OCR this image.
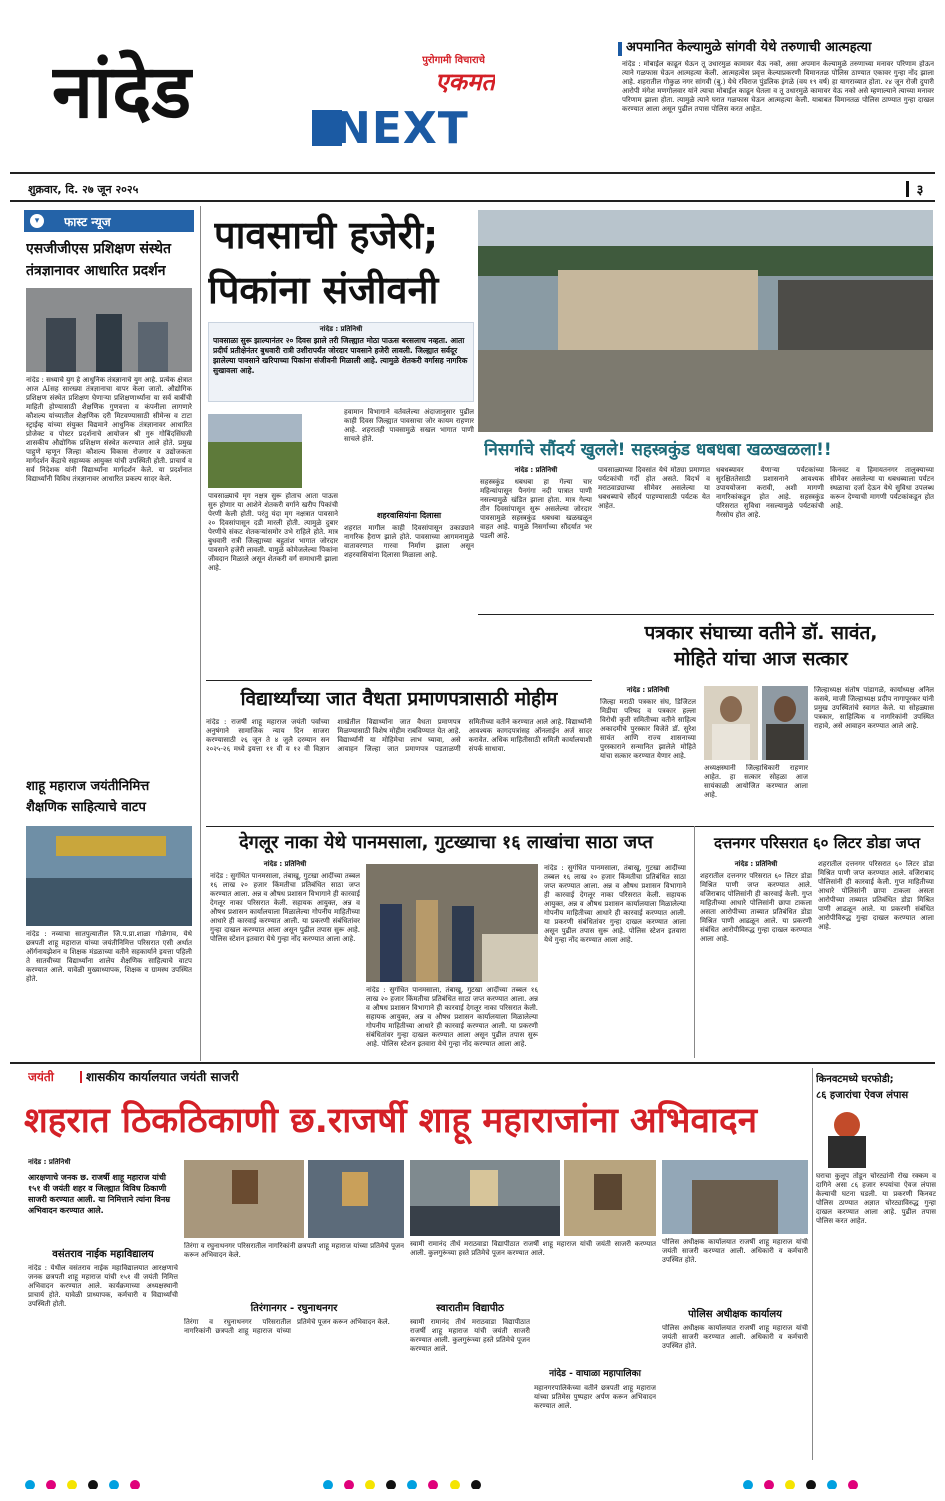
नांदेड	पुरोगामी विचाराचे
एकमत
NEXT
अपमानित केल्यामुळे सांगवी येथे तरुणाची आत्महत्या
नांदेड : मोबाईल काढून घेऊन तू उधारमुळ कामावर येऊ नको, असा अपमान केल्यामुळे तरुणाच्या मनावर परिणाम होऊन त्याने गळफास घेऊन आत्महत्या केली. आत्महत्येस प्रवृत्त केल्याप्रकरणी विमानतळ पोलिस ठाण्यात एकावर गुन्हा नोंद झाला आहे. शहरातील गोकुळ नगर सांगवी (बु.) येथे रविराज पुंडलिक इंगळे (वय १९ वर्ष) हा यागराव्यात होता. २४ जून रोजी दुपारी आरोपी मंगेश मणगोलवार यांने त्याचा मोबाईल काढून घेतला व तू उधारमुळे कामावर येऊ नको असे म्हणाल्याने त्याच्या मनावर परिणाम झाला होता. त्यामुळे त्याने घरात गळफास घेऊन आत्महत्या केली. याबाबत विमानतळ पोलिस ठाण्यात गुन्हा दाखल करण्यात आला असून पुढील तपास पोलिस करत आहेत.
शुक्रवार, दि. २७ जून २०२५	३
▾	फास्ट न्यूज
एसजीजीएस प्रशिक्षण संस्थेत तंत्रज्ञानावर आधारित प्रदर्शन
नांदेड : सध्याचे युग हे आधुनिक तंत्रज्ञानाचे युग आहे. प्रत्येक क्षेत्रात आज AIसह सारख्या तंत्रज्ञानाचा वापर केला जातो. औद्योगिक प्रशिक्षण संस्थेत प्रशिक्षण घेणाऱ्या प्रशिक्षणार्थ्यांना या सर्व बाबींची माहिती होण्यासाठी शैक्षणिक गुणवत्ता व कंपनीला लागणारे कौशल्य यांच्यातील शैक्षणिक दरी मिटवण्यासाठी सीमेन्स व टाटा स्ट्राईव्ह यांच्या संयुक्त विद्यमाने आधुनिक तंत्रज्ञानावर आधारित प्रोजेक्ट व पोस्टर प्रदर्शनाचे आयोजन श्री गुरु गोबिंदसिंघजी शासकीय औद्योगिक प्रशिक्षण संस्थेत करण्यात आले होते. प्रमुख पाहुणे म्हणून जिल्हा कौशल्य विकास रोजगार व उद्योजकता मार्गदर्शन केंद्राचे सहाय्यक आयुक्त यांची उपस्थिती होती. प्राचार्य व सर्व निदेशक यांनी विद्यार्थ्यांना मार्गदर्शन केले. या प्रदर्शनात विद्यार्थ्यांनी विविध तंत्रज्ञानावर आधारित प्रकल्प सादर केले.
शाहू महाराज जयंतीनिमित्त शैक्षणिक साहित्याचे वाटप
नांदेड : नव्याचा सातपुत्यातील जि.प.प्रा.शाळा गोळेगाव, येथे छत्रपती शाहू महाराज यांच्या जयंतीनिमित्त परिसरात एसी अर्थात ऑर्गनायझेशन व शिक्षक मंडळाच्या वतीने सहकार्याने इयत्ता पहिली ते सातवीच्या विद्यार्थ्यांना शालेय शैक्षणिक साहित्याचे वाटप करण्यात आले. यावेळी मुख्याध्यापक, शिक्षक व ग्रामस्थ उपस्थित होते.
पावसाची हजेरी;
पिकांना संजीवनी
नांदेड : प्रतिनिधी
पावसाळा सुरू झाल्यानंतर २० दिवस झाले तरी जिल्ह्यात मोठा पाऊस बरसलाच नव्हता. आता प्रदीर्घ प्रतीक्षेनंतर बुधवारी रात्री उशीरापर्यंत जोरदार पावसाने हजेरी लावली. जिल्ह्यात सर्वदूर झालेल्या पावसाने खरिपाच्या पिकांना संजीवनी मिळाली आहे. त्यामुळे शेतकरी वर्गासह नागरिक सुखावला आहे.
पावसाळ्याचे मृग नक्षत्र सुरू होताच आता पाऊस सुरु होणार या आशेने शेतकरी वर्गाने खरीप पिकांची पेरणी केली होती. परंतु यंदा मृग नक्षत्रात पावसाने २० दिवसांपासून दडी मारली होती. त्यामुळे दुबार पेरणीचे संकट शेतकऱ्यांसमोर उभे राहिले होते. मात्र बुधवारी रात्री जिल्ह्याच्या बहुतांश भागात जोरदार पावसाने हजेरी लावली. यामुळे कोमेजलेल्या पिकांना जीवदान मिळाले असून शेतकरी वर्ग समाधानी झाला आहे.
हवामान विभागाने वर्तवलेल्या अंदाजानुसार पुढील काही दिवस जिल्ह्यात पावसाचा जोर कायम राहणार आहे. शहरातही पावसामुळे सखल भागात पाणी साचले होते.
शहरवासियांना दिलासा
शहरात मागील काही दिवसांपासून उकाड्याने नागरिक हैराण झाले होते. पावसाच्या आगमनामुळे वातावरणात गारवा निर्माण झाला असून शहरवासियांना दिलासा मिळाला आहे.
निसर्गाचे सौंदर्य खुलले! सहस्त्रकुंड धबधबा खळखळला!!
नांदेड : प्रतिनिधी
सहस्त्रकुंड धबधबा हा गेल्या चार महिन्यांपासून पैनगंगा नदी पात्रात पाणी नसल्यामुळे खंडित झाला होता. मात्र गेल्या तीन दिवसांपासून सुरू असलेल्या जोरदार पावसामुळे सहस्त्रकुंड धबधबा खळखळून वाहत आहे. यामुळे निसर्गाच्या सौंदर्यात भर पडली आहे.
पावसाळ्याच्या दिवसांत येथे मोठ्या प्रमाणात पर्यटकांची गर्दी होत असते. विदर्भ व मराठवाड्याच्या सीमेवर असलेल्या या धबधब्याचे सौंदर्य पाहण्यासाठी पर्यटक येत आहेत.
धबधब्यावर येणाऱ्या पर्यटकांच्या सुरक्षिततेसाठी प्रशासनाने आवश्यक उपाययोजना करावी, अशी मागणी नागरिकांकडून होत आहे. सहस्त्रकुंड परिसरात सुविधा नसल्यामुळे पर्यटकांची गैरसोय होत आहे.
किनवट व हिमायतनगर तालुक्याच्या सीमेवर असलेल्या या धबधब्याला पर्यटन स्थळाचा दर्जा देऊन येथे सुविधा उपलब्ध करून देण्याची मागणी पर्यटकांकडून होत आहे.
पत्रकार संघाच्या वतीने डॉ. सावंत,
मोहिते यांचा आज सत्कार
नांदेड : प्रतिनिधी
जिल्हा मराठी पत्रकार संघ, डिजिटल मिडीया परिषद व पत्रकार हल्ला विरोधी कृती समितीच्या वतीने साहित्य अकादमीचे पुरस्कार विजेते डॉ. सुरेश सावंत आणि राज्य शासनाच्या पुरस्काराने सन्मानित झालेले मोहिते यांचा सत्कार करण्यात येणार आहे.
अध्यक्षस्थानी जिल्हाधिकारी राहणार आहेत. हा सत्कार सोहळा आज सायंकाळी आयोजित करण्यात आला आहे.
जिल्हाध्यक्ष संतोष पांडागळे, कार्याध्यक्ष अनिल कसबे, माजी जिल्हाध्यक्ष प्रदीप नागापूरकर यांनी प्रमुख उपस्थितांचे स्वागत केले. या सोहळ्यास पत्रकार, साहित्यिक व नागरिकांनी उपस्थित राहावे, असे आवाहन करण्यात आले आहे.
विद्यार्थ्यांच्या जात वैधता प्रमाणपत्रासाठी मोहीम
नांदेड : राजर्षी शाहू महाराज जयंती पर्वाच्या अनुषंगाने सामाजिक न्याय दिन साजरा करण्यासाठी २६ जून ते ४ जुलै दरम्यान सन २०२५-२६ मध्ये इयत्ता ११ वी व १२ वी विज्ञान शाखेतील विद्यार्थ्यांना जात वैधता प्रमाणपत्र मिळण्यासाठी विशेष मोहीम राबविण्यात येत आहे. विद्यार्थ्यांनी या मोहिमेचा लाभ घ्यावा, असे आवाहन जिल्हा जात प्रमाणपत्र पडताळणी समितीच्या वतीने करण्यात आले आहे. विद्यार्थ्यांनी आवश्यक कागदपत्रांसह ऑनलाईन अर्ज सादर करावेत. अधिक माहितीसाठी समिती कार्यालयाशी संपर्क साधावा.
देगलूर नाका येथे पानमसाला, गुटख्याचा १६ लाखांचा साठा जप्त
नांदेड : प्रतिनिधी
नांदेड : सुगंधित पानमसाला, तंबाखू, गुटखा आदींच्या तब्बल १६ लाख २० हजार किंमतीचा प्रतिबंधित साठा जप्त करण्यात आला. अन्न व औषध प्रशासन विभागाने ही कारवाई देगलूर नाका परिसरात केली. सहायक आयुक्त, अन्न व औषध प्रशासन कार्यालयाला मिळालेल्या गोपनीय माहितीच्या आधारे ही कारवाई करण्यात आली. या प्रकरणी संबंधितांवर गुन्हा दाखल करण्यात आला असून पुढील तपास सुरू आहे. पोलिस स्टेशन इतवारा येथे गुन्हा नोंद करण्यात आला आहे.
नांदेड : सुगंधित पानमसाला, तंबाखू, गुटखा आदींच्या तब्बल १६ लाख २० हजार किंमतीचा प्रतिबंधित साठा जप्त करण्यात आला. अन्न व औषध प्रशासन विभागाने ही कारवाई देगलूर नाका परिसरात केली. सहायक आयुक्त, अन्न व औषध प्रशासन कार्यालयाला मिळालेल्या गोपनीय माहितीच्या आधारे ही कारवाई करण्यात आली. या प्रकरणी संबंधितांवर गुन्हा दाखल करण्यात आला असून पुढील तपास सुरू आहे. पोलिस स्टेशन इतवारा येथे गुन्हा नोंद करण्यात आला आहे.
नांदेड : सुगंधित पानमसाला, तंबाखू, गुटखा आदींच्या तब्बल १६ लाख २० हजार किंमतीचा प्रतिबंधित साठा जप्त करण्यात आला. अन्न व औषध प्रशासन विभागाने ही कारवाई देगलूर नाका परिसरात केली. सहायक आयुक्त, अन्न व औषध प्रशासन कार्यालयाला मिळालेल्या गोपनीय माहितीच्या आधारे ही कारवाई करण्यात आली. या प्रकरणी संबंधितांवर गुन्हा दाखल करण्यात आला असून पुढील तपास सुरू आहे. पोलिस स्टेशन इतवारा येथे गुन्हा नोंद करण्यात आला आहे.
दत्तनगर परिसरात ६० लिटर डोडा जप्त
नांदेड : प्रतिनिधी
शहरातील दत्तनगर परिसरात ६० लिटर डोडा मिश्रित पाणी जप्त करण्यात आले. वजिराबाद पोलिसांनी ही कारवाई केली. गुप्त माहितीच्या आधारे पोलिसांनी छापा टाकला असता आरोपीच्या ताब्यात प्रतिबंधित डोडा मिश्रित पाणी आढळून आले. या प्रकरणी संबंधित आरोपीविरुद्ध गुन्हा दाखल करण्यात आला आहे.
शहरातील दत्तनगर परिसरात ६० लिटर डोडा मिश्रित पाणी जप्त करण्यात आले. वजिराबाद पोलिसांनी ही कारवाई केली. गुप्त माहितीच्या आधारे पोलिसांनी छापा टाकला असता आरोपीच्या ताब्यात प्रतिबंधित डोडा मिश्रित पाणी आढळून आले. या प्रकरणी संबंधित आरोपीविरुद्ध गुन्हा दाखल करण्यात आला आहे.
जयंती	शासकीय कार्यालयात जयंती साजरी
शहरात ठिकठिकाणी छ.राजर्षी शाहू महाराजांना अभिवादन
नांदेड : प्रतिनिधी
आरक्षणाचे जनक छ. राजर्षी शाहू महाराज यांची १५१ वी जयंती शहर व जिल्ह्यात विविध ठिकाणी साजरी करण्यात आली. या निमित्ताने त्यांना विनम्र अभिवादन करण्यात आले.
वसंतराव नाईक महाविद्यालय
नांदेड : येथील वसंतराव नाईक महाविद्यालयात आरक्षणाचे जनक छत्रपती शाहू महाराज यांची १५१ वी जयंती निमित्त अभिवादन करण्यात आले. कार्यक्रमाच्या अध्यक्षस्थानी प्राचार्य होते. यावेळी प्राध्यापक, कर्मचारी व विद्यार्थ्यांची उपस्थिती होती.
तिरंगा व रघुनाथनगर परिसरातील नागरिकांनी छत्रपती शाहू महाराज यांच्या प्रतिमेचे पूजन करून अभिवादन केले.
तिरंगानगर - रघुनाथनगर
तिरंगा व रघुनाथनगर परिसरातील नागरिकांनी छत्रपती शाहू महाराज यांच्या प्रतिमेचे पूजन करून अभिवादन केले.
स्वामी रामानंद तीर्थ मराठवाडा विद्यापीठात राजर्षी शाहू महाराज यांची जयंती साजरी करण्यात आली. कुलगुरूंच्या हस्ते प्रतिमेचे पूजन करण्यात आले.
स्वारातीम विद्यापीठ
स्वामी रामानंद तीर्थ मराठवाडा विद्यापीठात राजर्षी शाहू महाराज यांची जयंती साजरी करण्यात आली. कुलगुरूंच्या हस्ते प्रतिमेचे पूजन करण्यात आले.
नांदेड - वाघाळा महापालिका
महानगरपालिकेच्या वतीने छत्रपती शाहू महाराज यांच्या प्रतिमेस पुष्पहार अर्पण करून अभिवादन करण्यात आले.
पोलिस अधीक्षक कार्यालयात राजर्षी शाहू महाराज यांची जयंती साजरी करण्यात आली. अधिकारी व कर्मचारी उपस्थित होते.
पोलिस अधीक्षक कार्यालय
पोलिस अधीक्षक कार्यालयात राजर्षी शाहू महाराज यांची जयंती साजरी करण्यात आली. अधिकारी व कर्मचारी उपस्थित होते.
किनवटमध्ये घरफोडी;
८६ हजारांचा ऐवज लंपास
घराचा कुलूप तोडून चोरट्यांनी रोख रक्कम व दागिने असा ८६ हजार रुपयांचा ऐवज लंपास केल्याची घटना घडली. या प्रकरणी किनवट पोलिस ठाण्यात अज्ञात चोरट्याविरुद्ध गुन्हा दाखल करण्यात आला आहे. पुढील तपास पोलिस करत आहेत.
